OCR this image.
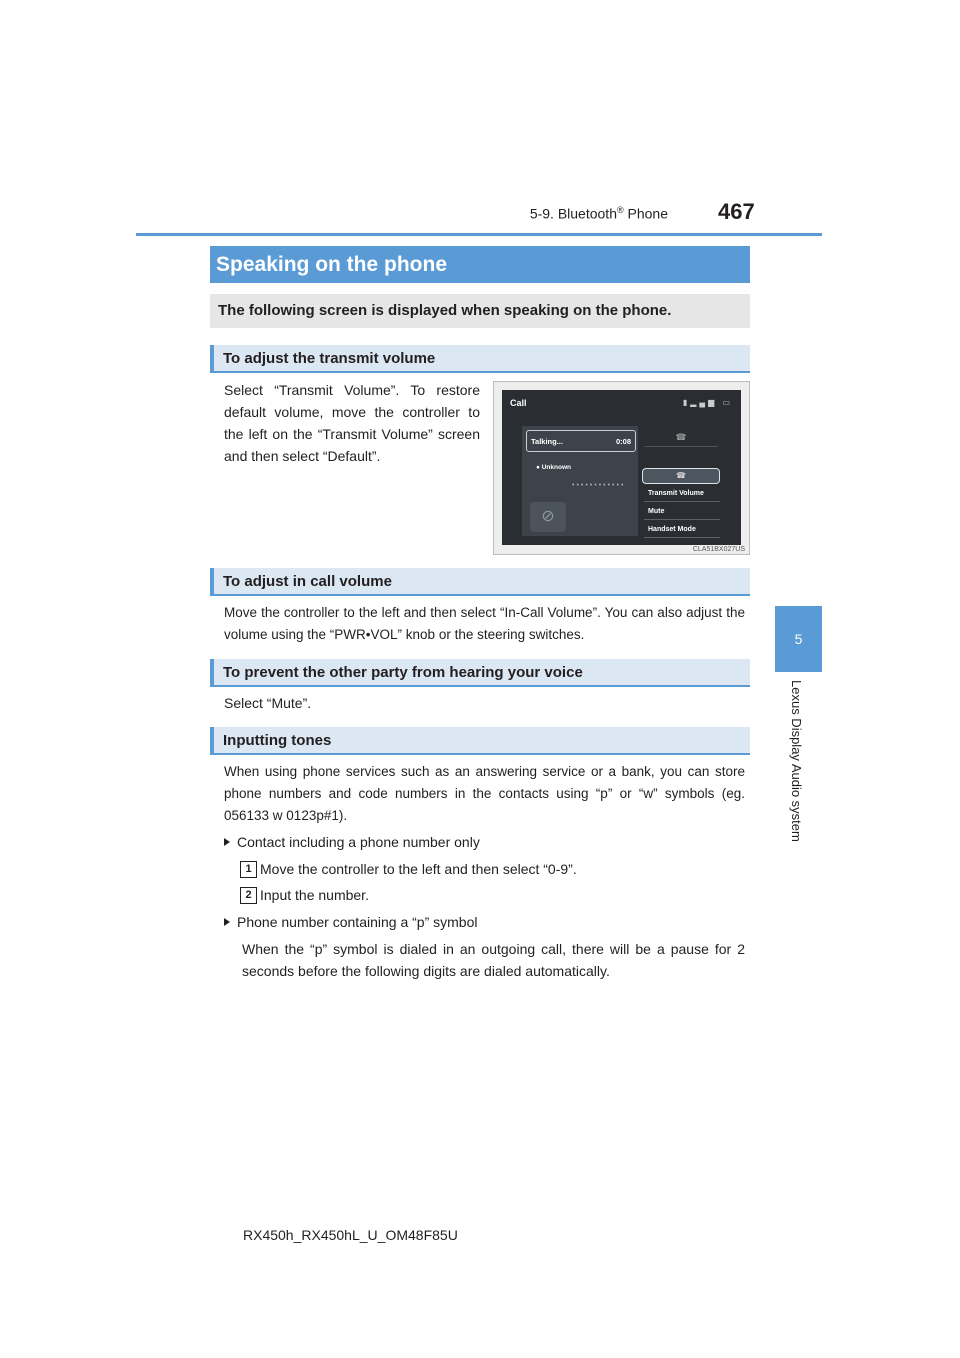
5-9. Bluetooth® Phone 467
5
Lexus Display Audio system
Speaking on the phone
The following screen is displayed when speaking on the phone.
To adjust the transmit volume
Select “Transmit Volume”. To restore default volume, move the controller to the left on the “Transmit Volume” screen and then select “Default”.
Call	▮▂▄▆ ▭
Talking...	0:08
● Unknown
••••••••••••
⊘
☎
☎
Transmit Volume
Mute
Handset Mode
CLA51BX027US
To adjust in call volume
Move the controller to the left and then select “In-Call Volume”. You can also adjust the volume using the “PWR•VOL” knob or the steering switches.
To prevent the other party from hearing your voice
Select “Mute”.
Inputting tones
When using phone services such as an answering service or a bank, you can store phone numbers and code numbers in the contacts using “p” or “w” symbols (eg. 056133 w 0123p#1).
Contact including a phone number only
1 Move the controller to the left and then select “0-9”.
2 Input the number.
Phone number containing a “p” symbol
When the “p” symbol is dialed in an outgoing call, there will be a pause for 2 seconds before the following digits are dialed automatically.
RX450h_RX450hL_U_OM48F85U
